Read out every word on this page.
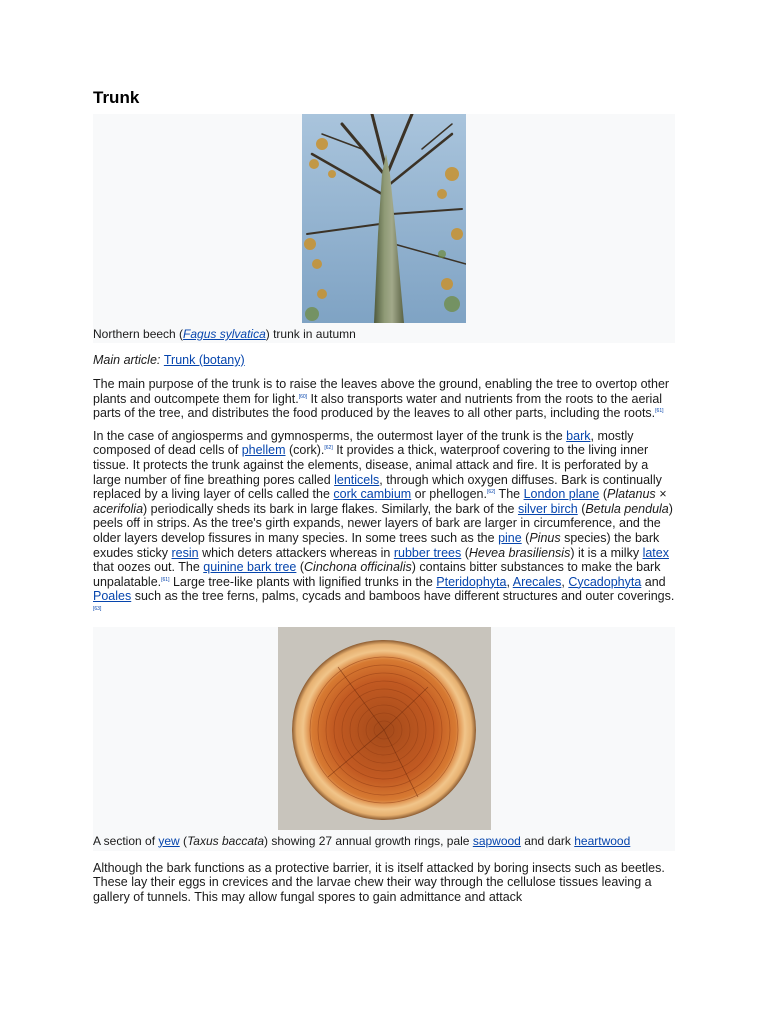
Trunk
Northern beech (Fagus sylvatica) trunk in autumn
Main article: Trunk (botany)

The main purpose of the trunk is to raise the leaves above the ground, enabling the tree to overtop other plants and outcompete them for light.[60] It also transports water and nutrients from the roots to the aerial parts of the tree, and distributes the food produced by the leaves to all other parts, including the roots.[61]

In the case of angiosperms and gymnosperms, the outermost layer of the trunk is the bark, mostly composed of dead cells of phellem (cork).[62] It provides a thick, waterproof covering to the living inner tissue. It protects the trunk against the elements, disease, animal attack and fire. It is perforated by a large number of fine breathing pores called lenticels, through which oxygen diffuses. Bark is continually replaced by a living layer of cells called the cork cambium or phellogen.[62] The London plane (Platanus × acerifolia) periodically sheds its bark in large flakes. Similarly, the bark of the silver birch (Betula pendula) peels off in strips. As the tree's girth expands, newer layers of bark are larger in circumference, and the older layers develop fissures in many species. In some trees such as the pine (Pinus species) the bark exudes sticky resin which deters attackers whereas in rubber trees (Hevea brasiliensis) it is a milky latex that oozes out. The quinine bark tree (Cinchona officinalis) contains bitter substances to make the bark unpalatable.[61] Large tree-like plants with lignified trunks in the Pteridophyta, Arecales, Cycadophyta and Poales such as the tree ferns, palms, cycads and bamboos have different structures and outer coverings.[63]

A section of yew (Taxus baccata) showing 27 annual growth rings, pale sapwood and dark heartwood

Although the bark functions as a protective barrier, it is itself attacked by boring insects such as beetles. These lay their eggs in crevices and the larvae chew their way through the cellulose tissues leaving a gallery of tunnels. This may allow fungal spores to gain admittance and attack
